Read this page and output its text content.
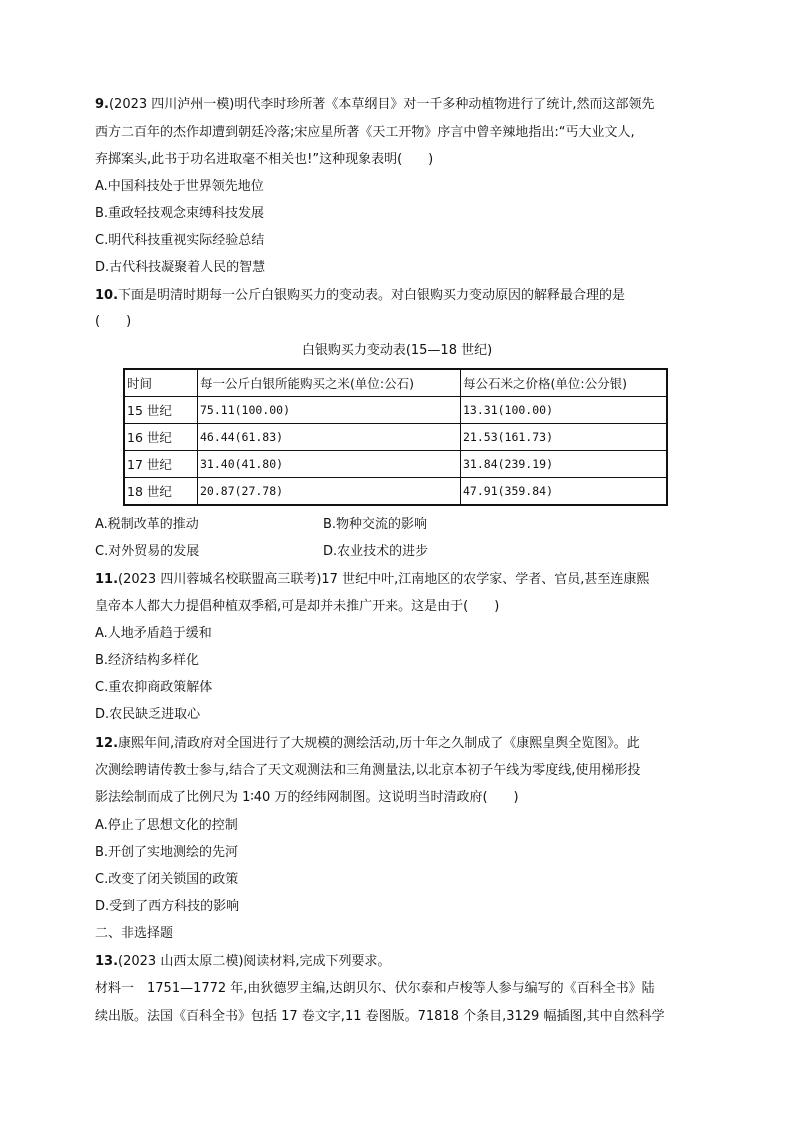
9.(2023 四川泸州一模)明代李时珍所著《本草纲目》对一千多种动植物进行了统计,然而这部领先
西方二百年的杰作却遭到朝廷冷落;宋应星所著《天工开物》序言中曾辛辣地指出:“丐大业文人,
弃掷案头,此书于功名进取毫不相关也!”这种现象表明(　　)
A.中国科技处于世界领先地位
B.重政轻技观念束缚科技发展
C.明代科技重视实际经验总结
D.古代科技凝聚着人民的智慧
10.下面是明清时期每一公斤白银购买力的变动表。对白银购买力变动原因的解释最合理的是
(　　)
白银购买力变动表(15—18 世纪)
时间	每一公斤白银所能购买之米(单位:公石)	每公石米之价格(单位:公分银)
15 世纪	75.11(100.00)	13.31(100.00)
16 世纪	46.44(61.83)	21.53(161.73)
17 世纪	31.40(41.80)	31.84(239.19)
18 世纪	20.87(27.78)	47.91(359.84)
A.税制改革的推动	B.物种交流的影响
C.对外贸易的发展	D.农业技术的进步
11.(2023 四川蓉城名校联盟高三联考)17 世纪中叶,江南地区的农学家、学者、官员,甚至连康熙
皇帝本人都大力提倡种植双季稻,可是却并未推广开来。这是由于(　　)
A.人地矛盾趋于缓和
B.经济结构多样化
C.重农抑商政策解体
D.农民缺乏进取心
12.康熙年间,清政府对全国进行了大规模的测绘活动,历十年之久制成了《康熙皇舆全览图》。此
次测绘聘请传教士参与,结合了天文观测法和三角测量法,以北京本初子午线为零度线,使用梯形投
影法绘制而成了比例尺为 1∶40 万的经纬网制图。这说明当时清政府(　　)
A.停止了思想文化的控制
B.开创了实地测绘的先河
C.改变了闭关锁国的政策
D.受到了西方科技的影响
二、非选择题
13.(2023 山西太原二模)阅读材料,完成下列要求。
材料一　1751—1772 年,由狄德罗主编,达朗贝尔、伏尔泰和卢梭等人参与编写的《百科全书》陆
续出版。法国《百科全书》包括 17 卷文字,11 卷图版。71818 个条目,3129 幅插图,其中自然科学
